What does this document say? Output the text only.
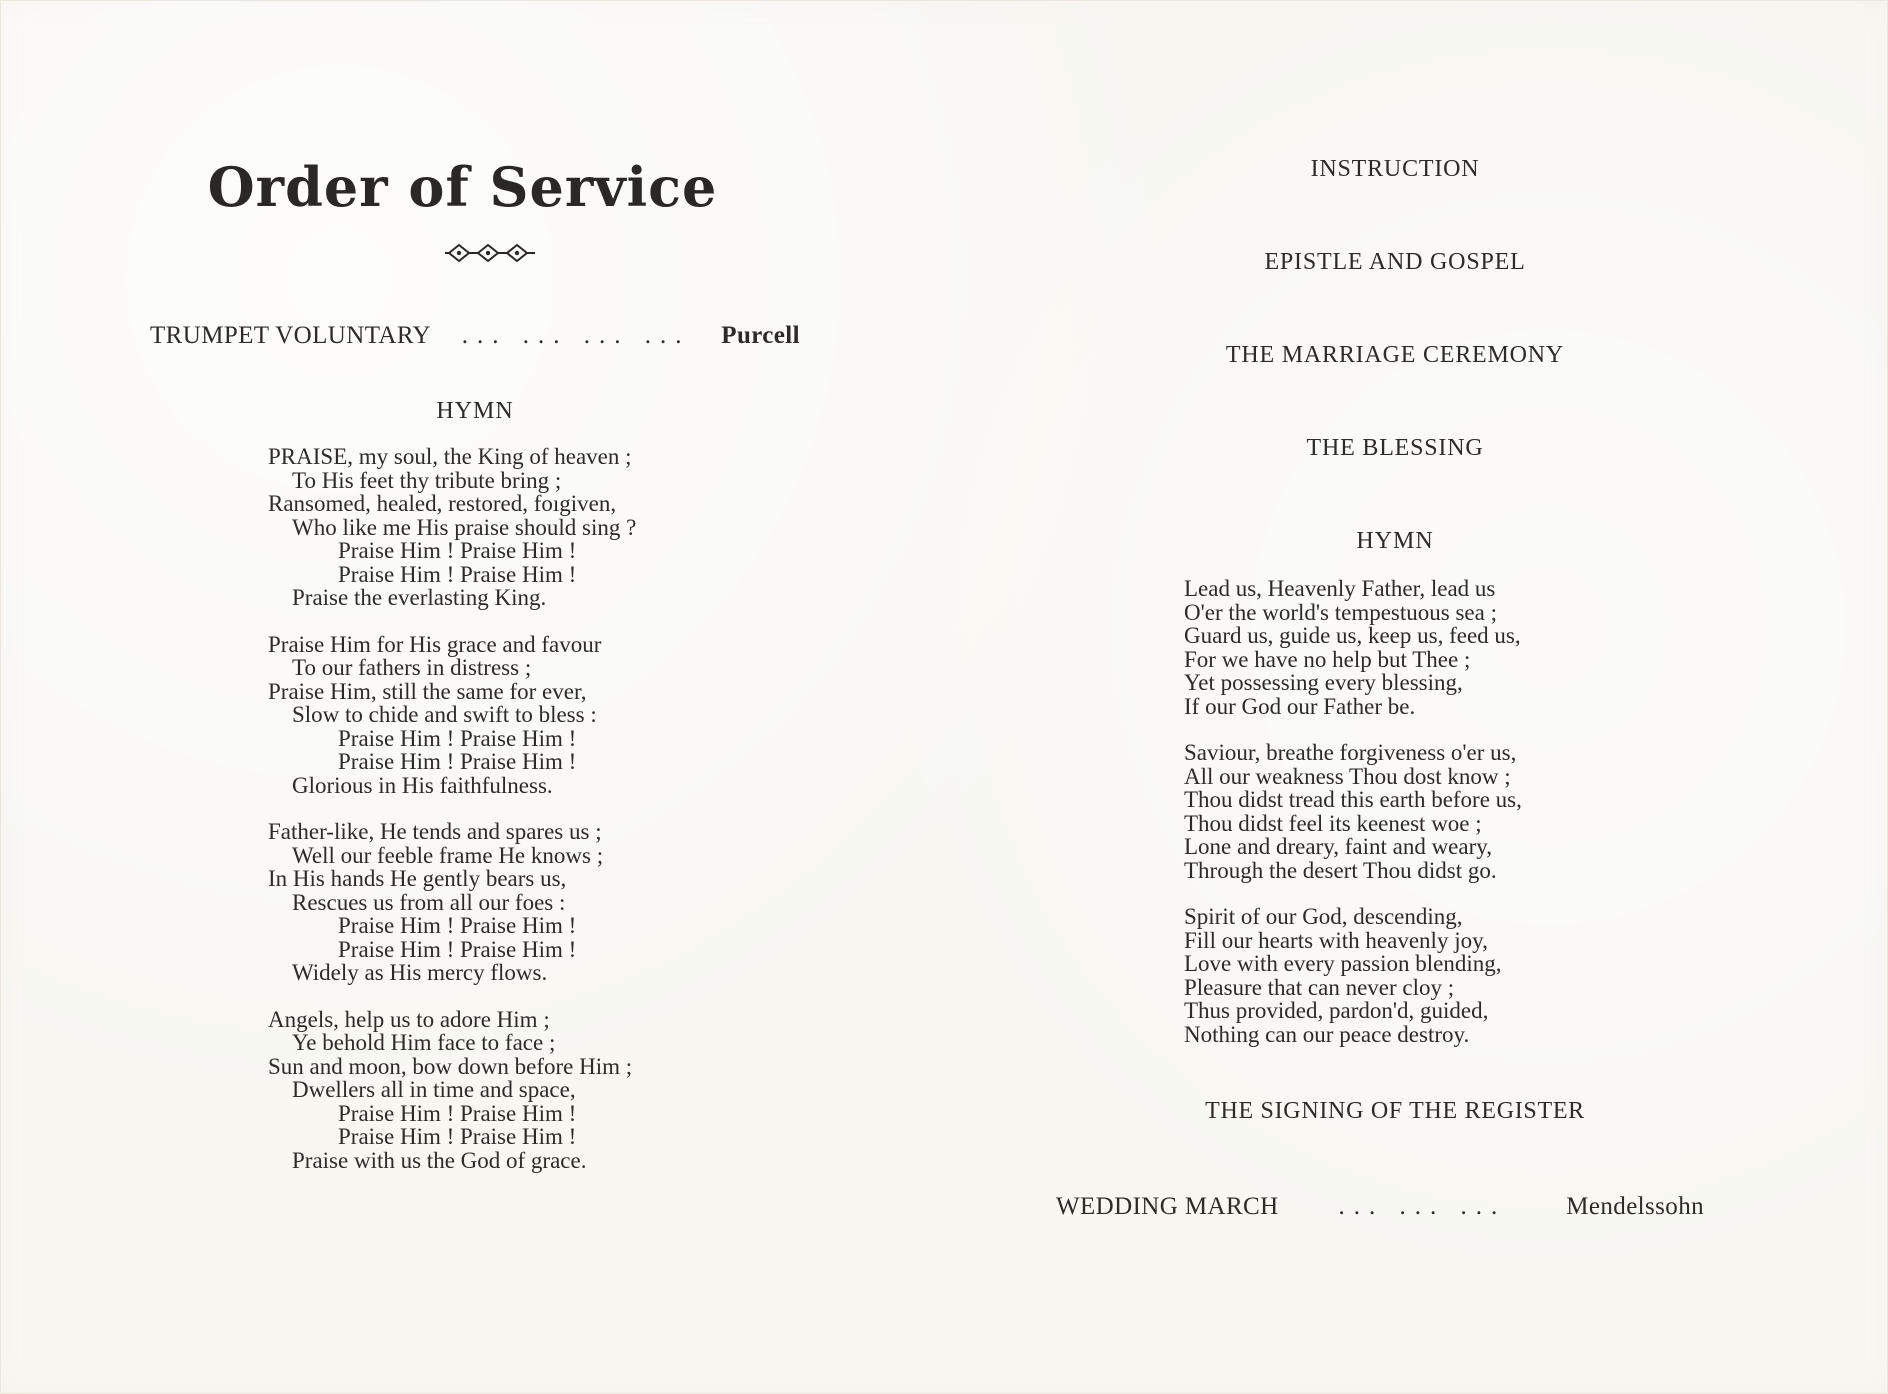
Order of Service
TRUMPET VOLUNTARY	... ... ... ...	Purcell
HYMN
PRAISE, my soul, the King of heaven ;
To His feet thy tribute bring ;
Ransomed, healed, restored, foıgiven,
Who like me His praise should sing ?
Praise Him ! Praise Him !
Praise Him ! Praise Him !
Praise the everlasting King.
Praise Him for His grace and favour
To our fathers in distress ;
Praise Him, still the same for ever,
Slow to chide and swift to bless :
Praise Him ! Praise Him !
Praise Him ! Praise Him !
Glorious in His faithfulness.
Father-like, He tends and spares us ;
Well our feeble frame He knows ;
In His hands He gently bears us,
Rescues us from all our foes :
Praise Him ! Praise Him !
Praise Him ! Praise Him !
Widely as His mercy flows.
Angels, help us to adore Him ;
Ye behold Him face to face ;
Sun and moon, bow down before Him ;
Dwellers all in time and space,
Praise Him ! Praise Him !
Praise Him ! Praise Him !
Praise with us the God of grace.
INSTRUCTION
EPISTLE AND GOSPEL
THE MARRIAGE CEREMONY
THE BLESSING
HYMN
Lead us, Heavenly Father, lead us
O'er the world's tempestuous sea ;
Guard us, guide us, keep us, feed us,
For we have no help but Thee ;
Yet possessing every blessing,
If our God our Father be.
Saviour, breathe forgiveness o'er us,
All our weakness Thou dost know ;
Thou didst tread this earth before us,
Thou didst feel its keenest woe ;
Lone and dreary, faint and weary,
Through the desert Thou didst go.
Spirit of our God, descending,
Fill our hearts with heavenly joy,
Love with every passion blending,
Pleasure that can never cloy ;
Thus provided, pardon'd, guided,
Nothing can our peace destroy.
THE SIGNING OF THE REGISTER
WEDDING MARCH	... ... ...	Mendelssohn
